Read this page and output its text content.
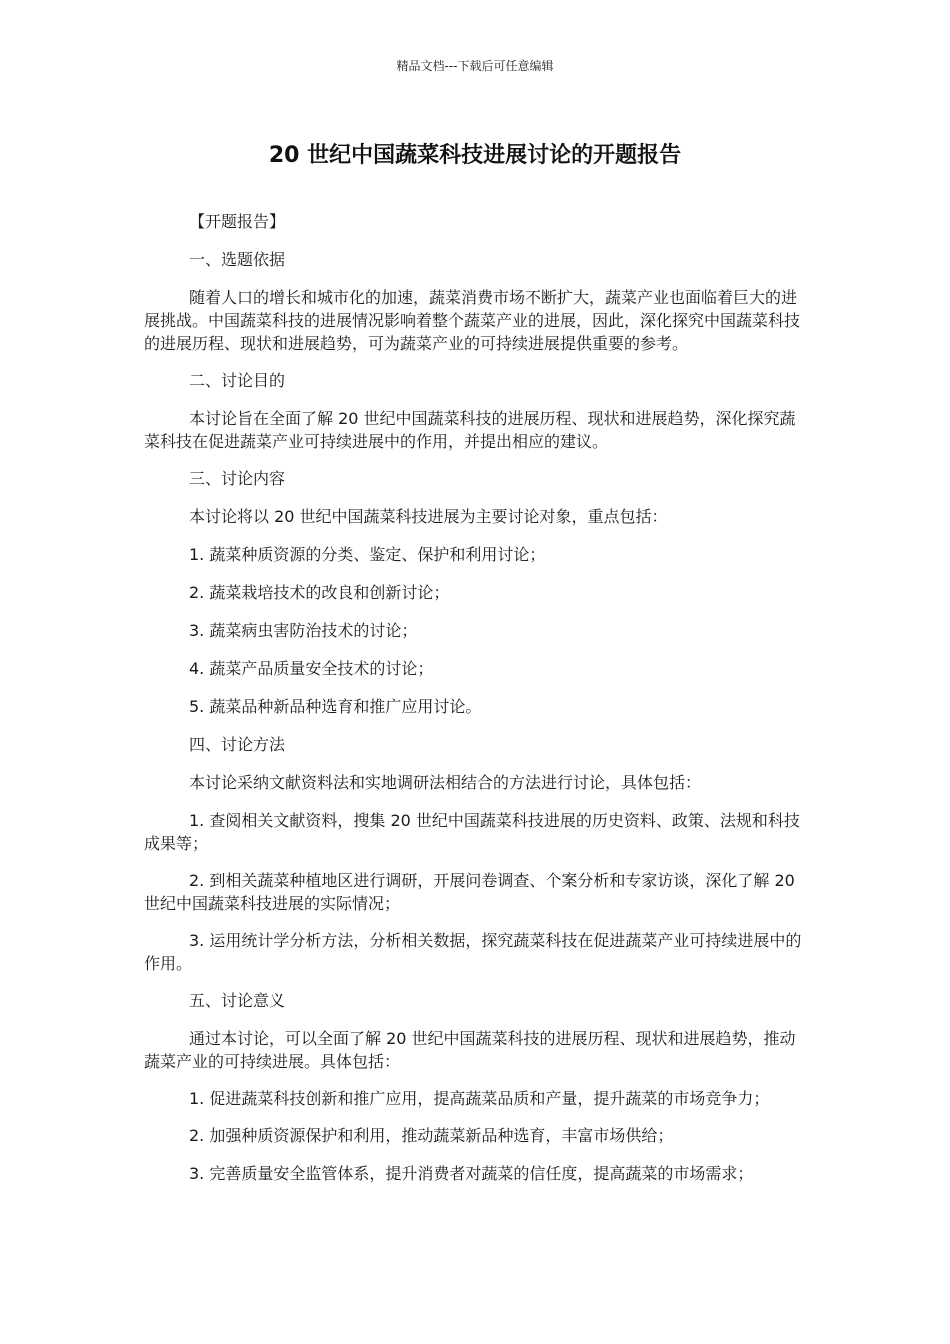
精品文档---下载后可任意编辑
20 世纪中国蔬菜科技进展讨论的开题报告

【开题报告】

一、选题依据

随着人口的增长和城市化的加速，蔬菜消费市场不断扩大，蔬菜产业也面临着巨大的进展挑战。中国蔬菜科技的进展情况影响着整个蔬菜产业的进展，因此，深化探究中国蔬菜科技的进展历程、现状和进展趋势，可为蔬菜产业的可持续进展提供重要的参考。

二、讨论目的

本讨论旨在全面了解 20 世纪中国蔬菜科技的进展历程、现状和进展趋势，深化探究蔬菜科技在促进蔬菜产业可持续进展中的作用，并提出相应的建议。

三、讨论内容

本讨论将以 20 世纪中国蔬菜科技进展为主要讨论对象，重点包括：

1. 蔬菜种质资源的分类、鉴定、保护和利用讨论；

2. 蔬菜栽培技术的改良和创新讨论；

3. 蔬菜病虫害防治技术的讨论；

4. 蔬菜产品质量安全技术的讨论；

5. 蔬菜品种新品种选育和推广应用讨论。

四、讨论方法

本讨论采纳文献资料法和实地调研法相结合的方法进行讨论，具体包括：

1. 查阅相关文献资料，搜集 20 世纪中国蔬菜科技进展的历史资料、政策、法规和科技成果等；

2. 到相关蔬菜种植地区进行调研，开展问卷调查、个案分析和专家访谈，深化了解 20 世纪中国蔬菜科技进展的实际情况；

3. 运用统计学分析方法，分析相关数据，探究蔬菜科技在促进蔬菜产业可持续进展中的作用。

五、讨论意义

通过本讨论，可以全面了解 20 世纪中国蔬菜科技的进展历程、现状和进展趋势，推动蔬菜产业的可持续进展。具体包括：

1. 促进蔬菜科技创新和推广应用，提高蔬菜品质和产量，提升蔬菜的市场竞争力；

2. 加强种质资源保护和利用，推动蔬菜新品种选育，丰富市场供给；

3. 完善质量安全监管体系，提升消费者对蔬菜的信任度，提高蔬菜的市场需求；
